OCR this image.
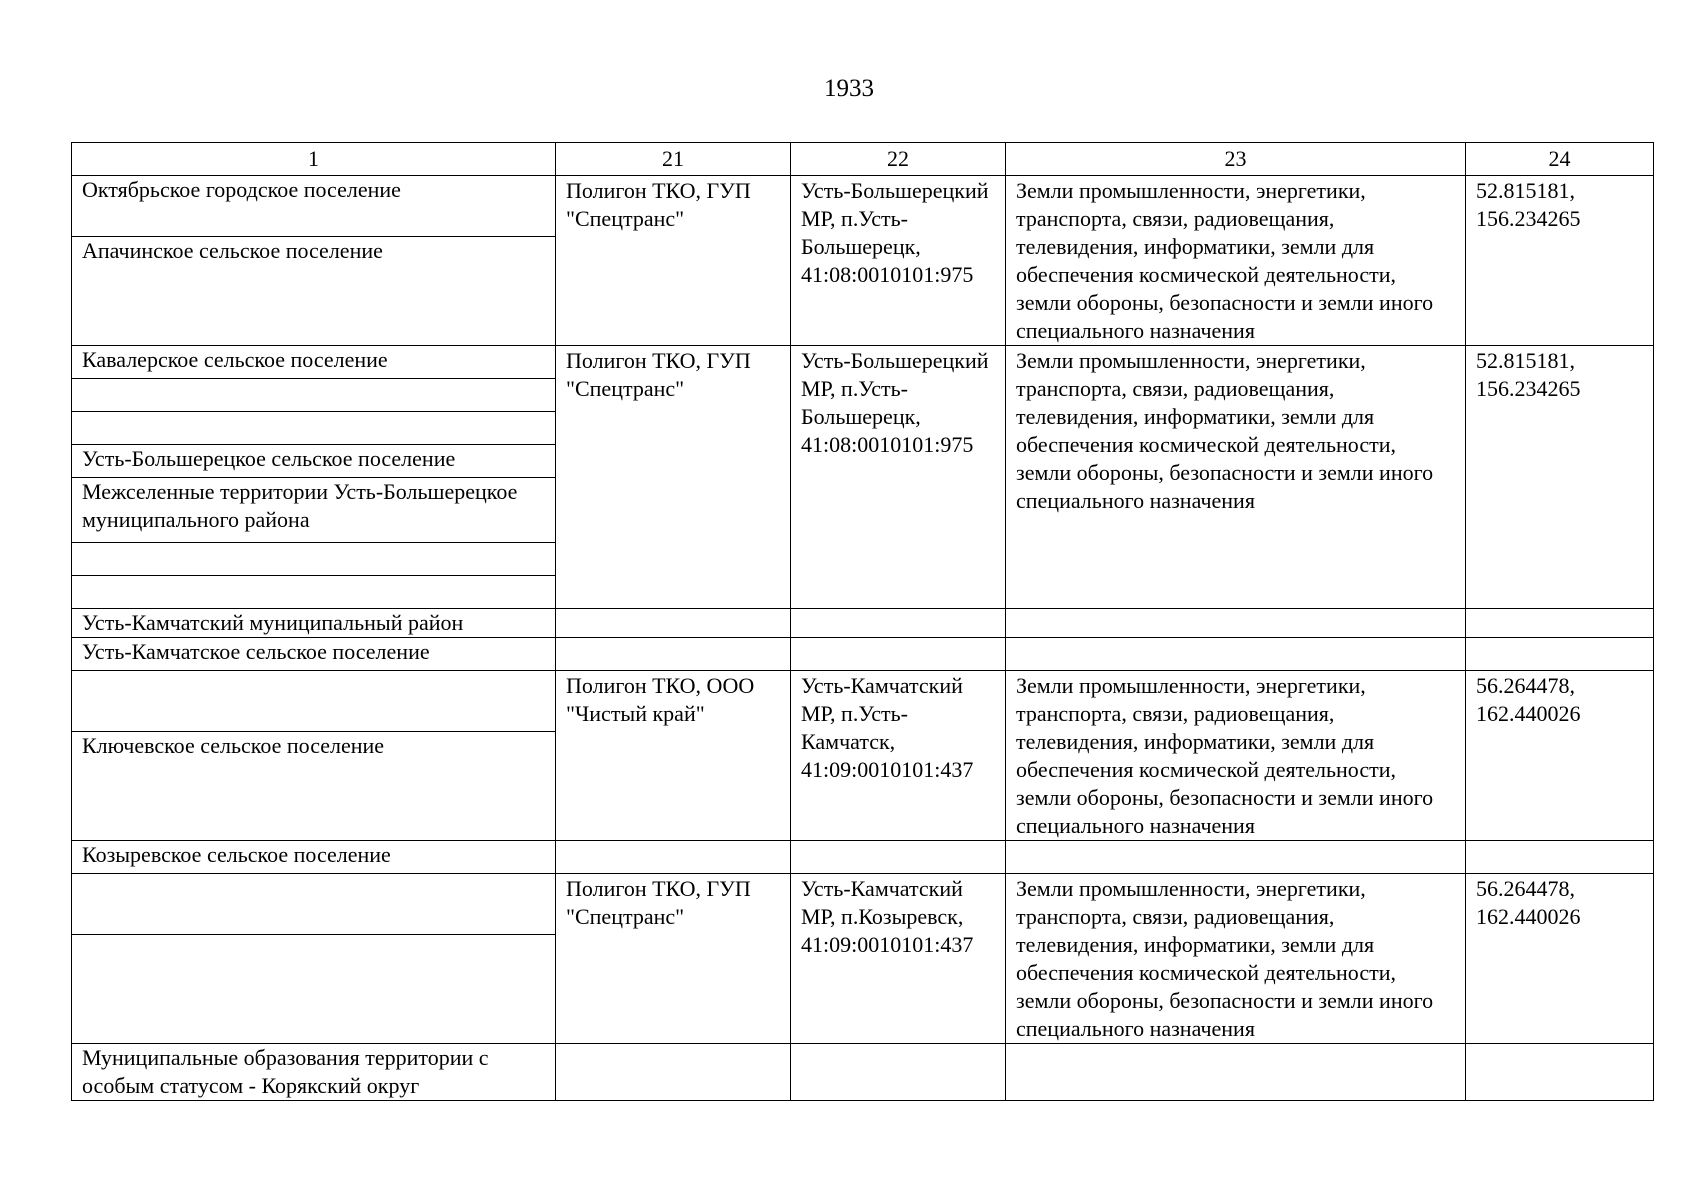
1933
1	21	22	23	24
Октябрьское городское поселение	Полигон ТКО, ГУП "Спецтранс"	Усть-Большерецкий МР, п.Усть-Большерецк, 41:08:0010101:975	Земли промышленности, энергетики, транспорта, связи, радиовещания, телевидения, информатики, земли для обеспечения космической деятельности, земли обороны, безопасности и земли иного специального назначения	52.815181, 156.234265
Апачинское сельское поселение				
Кавалерское сельское поселение	Полигон ТКО, ГУП "Спецтранс"	Усть-Большерецкий МР, п.Усть-Большерецк, 41:08:0010101:975	Земли промышленности, энергетики, транспорта, связи, радиовещания, телевидения, информатики, земли для обеспечения космической деятельности, земли обороны, безопасности и земли иного специального назначения	52.815181, 156.234265

Усть-Большерецкое сельское поселение				
Межселенные территории Усть-Большерецкое муниципального района				

Усть-Камчатский муниципальный район				
Усть-Камчатское сельское поселение				
	Полигон ТКО, ООО "Чистый край"	Усть-Камчатский МР, п.Усть-Камчатск, 41:09:0010101:437	Земли промышленности, энергетики, транспорта, связи, радиовещания, телевидения, информатики, земли для обеспечения космической деятельности, земли обороны, безопасности и земли иного специального назначения	56.264478, 162.440026
Ключевское сельское поселение				
Козыревское сельское поселение				
	Полигон ТКО, ГУП "Спецтранс"	Усть-Камчатский МР, п.Козыревск, 41:09:0010101:437	Земли промышленности, энергетики, транспорта, связи, радиовещания, телевидения, информатики, земли для обеспечения космической деятельности, земли обороны, безопасности и земли иного специального назначения	56.264478, 162.440026

Муниципальные образования территории с особым статусом - Корякский округ				
